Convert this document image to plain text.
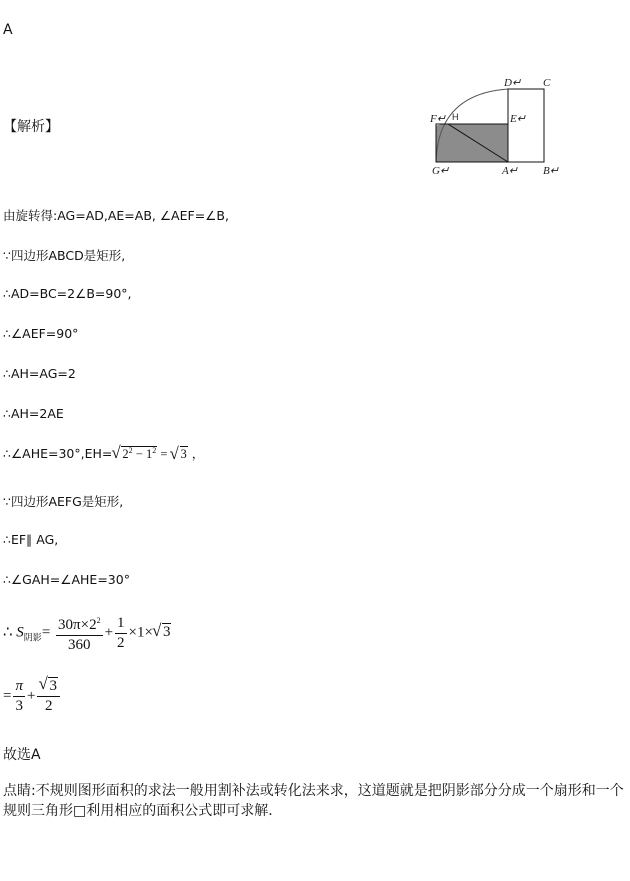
A
【解析】
D↵ C
F↵ H	E↵
G↵	A↵ B↵
由旋转得:AG=AD,AE=AB, ∠AEF=∠B,
∵四边形ABCD是矩形,
∴AD=BC=2∠B=90°,
∴∠AEF=90°
∴AH=AG=2
∴AH=2AE
∴∠AHE=30°,EH=√ $2^2 - 1^2$ = √ 3 ，
∵四边形AEFG是矩形,
∴EF∥ AG,
∴∠GAH=∠AHE=30°
∴ $S_{阴影}= \frac{30\pi\times 2^2}{360} + \frac{1}{2} \times 1\times√$ 3
= $\frac{\pi}{3}$ +
√ $\frac{3}{2}$
故选A
点睛:不规则图形面积的求法一般用割补法或转化法来求，这道题就是把阴影部分分成一个扇形和一个
规则三角形□利用相应的面积公式即可求解.
